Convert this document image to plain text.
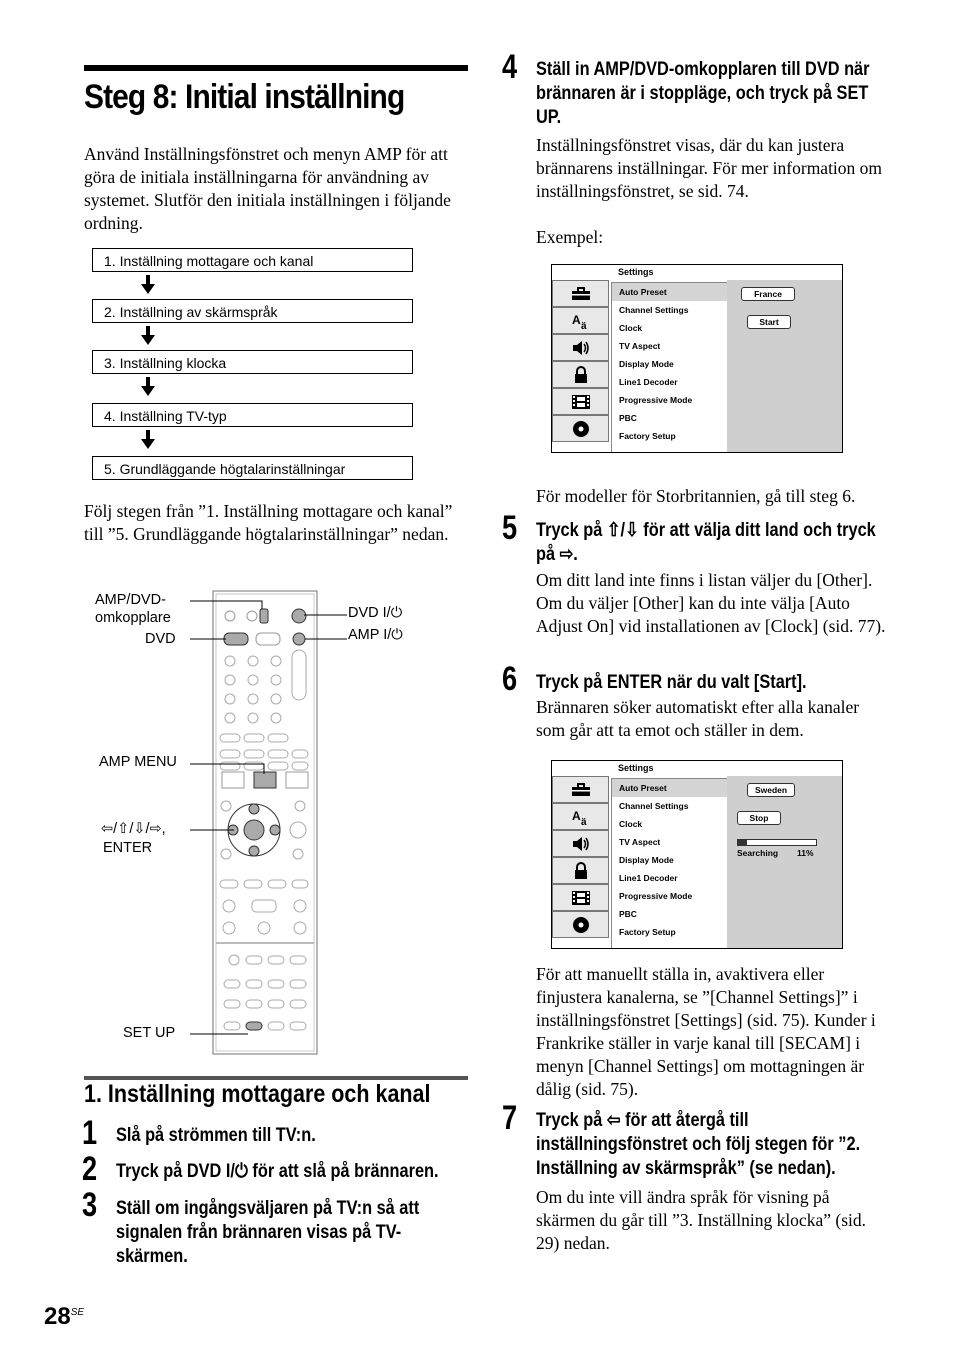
Steg 8: Initial inställning
Använd Inställningsfönstret och menyn AMP för att göra de initiala inställningarna för användning av systemet. Slutför den initiala inställningen i följande ordning.
1. Inställning mottagare och kanal
2. Inställning av skärmspråk
3. Inställning klocka
4. Inställning TV-typ
5. Grundläggande högtalarinställningar
Följ stegen från ”1. Inställning mottagare och kanal” till ”5. Grundläggande högtalarinställningar” nedan.
AMP/DVD-
omkopplare
DVD
DVD I/⏻
AMP I/⏻
AMP MENU
⇦/⇧/⇩/⇨,
ENTER
SET UP
1. Inställning mottagare och kanal
1 Slå på strömmen till TV:n.
2 Tryck på DVD I/⏻ för att slå på brännaren.
3 Ställ om ingångsväljaren på TV:n så att signalen från brännaren visas på TV-skärmen.
$28^{SE}$
4 Ställ in AMP/DVD-omkopplaren till DVD när brännaren är i stoppläge, och tryck på SET UP.
Inställningsfönstret visas, där du kan justera brännarens inställningar. För mer information om inställningsfönstret, se sid. 74.
Exempel:
Settings
A ä
Auto Preset
Channel Settings
Clock
TV Aspect
Display Mode
Line1 Decoder
Progressive Mode
PBC
Factory Setup
France
Start
För modeller för Storbritannien, gå till steg 6.
5 Tryck på ⇧/⇩ för att välja ditt land och tryck på ⇨.
Om ditt land inte finns i listan väljer du [Other]. Om du väljer [Other] kan du inte välja [Auto Adjust On] vid installationen av [Clock] (sid. 77).
6 Tryck på ENTER när du valt [Start].
Brännaren söker automatiskt efter alla kanaler som går att ta emot och ställer in dem.
Settings
A ä
Auto Preset
Channel Settings
Clock
TV Aspect
Display Mode
Line1 Decoder
Progressive Mode
PBC
Factory Setup
Sweden
Stop
Searching 11%
För att manuellt ställa in, avaktivera eller finjustera kanalerna, se ”[Channel Settings]” i inställningsfönstret [Settings] (sid. 75). Kunder i Frankrike ställer in varje kanal till [SECAM] i menyn [Channel Settings] om mottagningen är dålig (sid. 75).
7 Tryck på ⇦ för att återgå till inställningsfönstret och följ stegen för ”2. Inställning av skärmspråk” (se nedan).
Om du inte vill ändra språk för visning på skärmen du går till ”3. Inställning klocka” (sid. 29) nedan.
